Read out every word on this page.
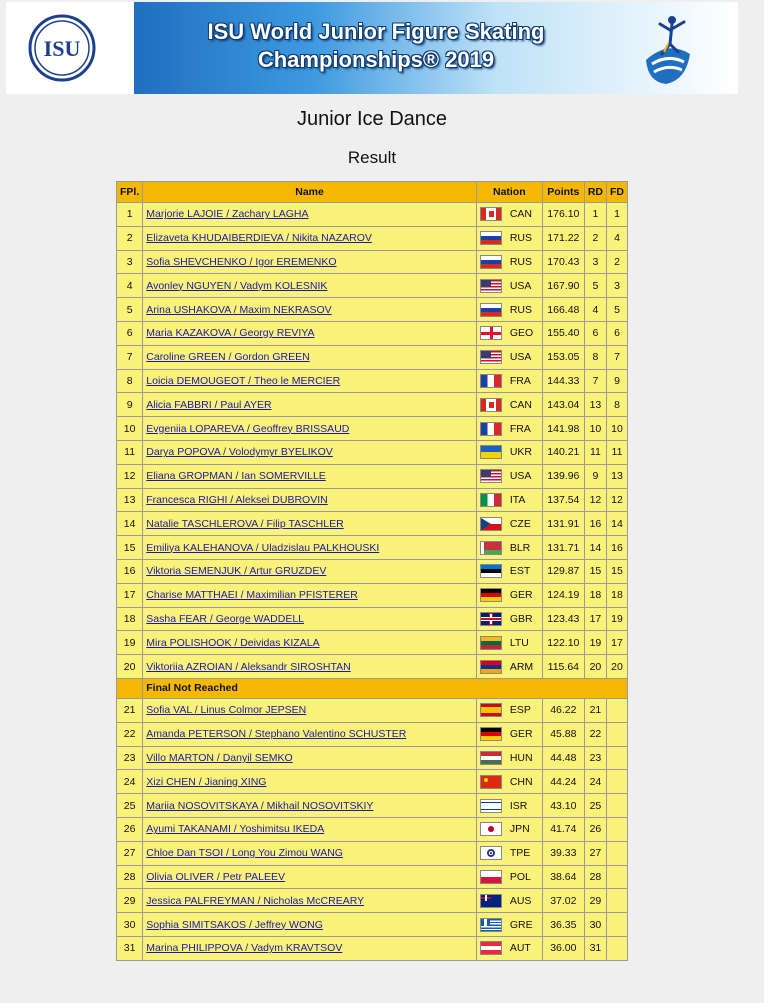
ISU
ISU World Junior Figure Skating
Championships® 2019
Junior Ice Dance
Result
FPl.	Name	Nation	Points	RD	FD
1	Marjorie LAJOIE / Zachary LAGHA	CAN	176.10	1	1
2	Elizaveta KHUDAIBERDIEVA / Nikita NAZAROV	RUS	171.22	2	4
3	Sofia SHEVCHENKO / Igor EREMENKO	RUS	170.43	3	2
4	Avonley NGUYEN / Vadym KOLESNIK	USA	167.90	5	3
5	Arina USHAKOVA / Maxim NEKRASOV	RUS	166.48	4	5
6	Maria KAZAKOVA / Georgy REVIYA	GEO	155.40	6	6
7	Caroline GREEN / Gordon GREEN	USA	153.05	8	7
8	Loicia DEMOUGEOT / Theo le MERCIER	FRA	144.33	7	9
9	Alicia FABBRI / Paul AYER	CAN	143.04	13	8
10	Evgeniia LOPAREVA / Geoffrey BRISSAUD	FRA	141.98	10	10
11	Darya POPOVA / Volodymyr BYELIKOV	UKR	140.21	11	11
12	Eliana GROPMAN / Ian SOMERVILLE	USA	139.96	9	13
13	Francesca RIGHI / Aleksei DUBROVIN	ITA	137.54	12	12
14	Natalie TASCHLEROVA / Filip TASCHLER	CZE	131.91	16	14
15	Emiliya KALEHANOVA / Uladzislau PALKHOUSKI	BLR	131.71	14	16
16	Viktoria SEMENJUK / Artur GRUZDEV	EST	129.87	15	15
17	Charise MATTHAEI / Maximilian PFISTERER	GER	124.19	18	18
18	Sasha FEAR / George WADDELL	GBR	123.43	17	19
19	Mira POLISHOOK / Deividas KIZALA	LTU	122.10	19	17
20	Viktoriia AZROIAN / Aleksandr SIROSHTAN	ARM	115.64	20	20
	Final Not Reached				
21	Sofia VAL / Linus Colmor JEPSEN	ESP	46.22	21	
22	Amanda PETERSON / Stephano Valentino SCHUSTER	GER	45.88	22	
23	Villo MARTON / Danyil SEMKO	HUN	44.48	23	
24	Xizi CHEN / Jianing XING	CHN	44.24	24	
25	Mariia NOSOVITSKAYA / Mikhail NOSOVITSKIY	ISR	43.10	25	
26	Ayumi TAKANAMI / Yoshimitsu IKEDA	JPN	41.74	26	
27	Chloe Dan TSOI / Long You Zimou WANG	TPE	39.33	27	
28	Olivia OLIVER / Petr PALEEV	POL	38.64	28	
29	Jessica PALFREYMAN / Nicholas McCREARY	AUS	37.02	29	
30	Sophia SIMITSAKOS / Jeffrey WONG	GRE	36.35	30	
31	Marina PHILIPPOVA / Vadym KRAVTSOV	AUT	36.00	31	
